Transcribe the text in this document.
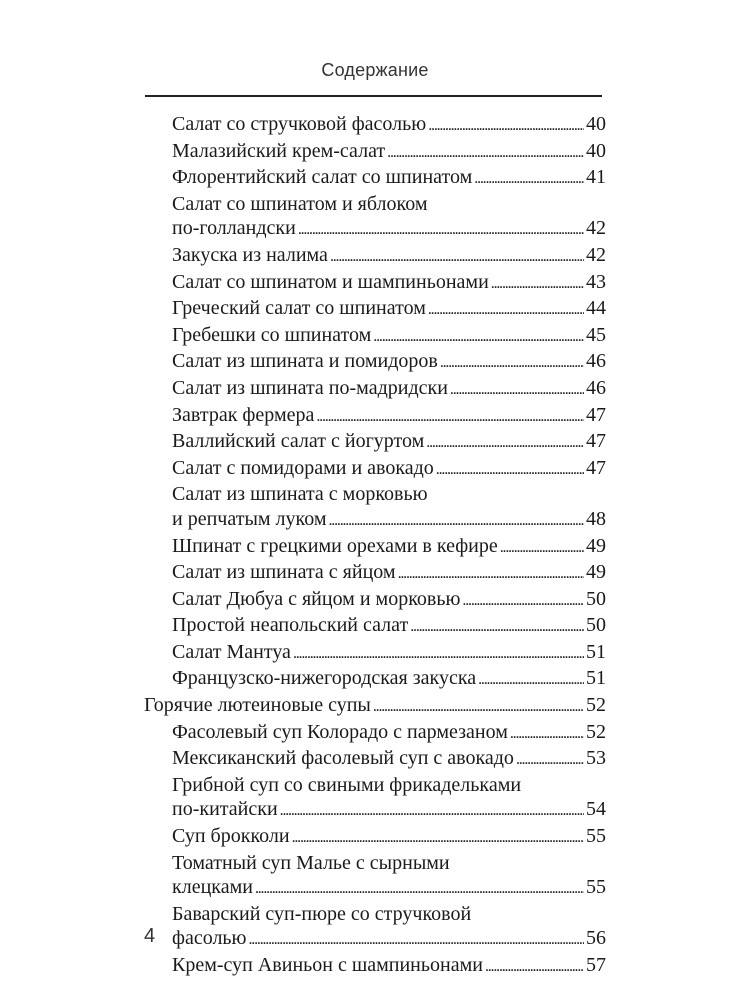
Содержание
Салат со стручковой фасолью . . .	40
Малазийский крем-салат . . .	40
Флорентийский салат со шпинатом . . .	41
Салат со шпинатом и яблоком
по-голландски . . .	42
Закуска из налима . . .	42
Салат со шпинатом и шампиньонами . . .	43
Греческий салат со шпинатом . . .	44
Гребешки со шпинатом . . .	45
Салат из шпината и помидоров . . .	46
Салат из шпината по-мадридски . . .	46
Завтрак фермера . . .	47
Валлийский салат с йогуртом . . .	47
Салат с помидорами и авокадо . . .	47
Салат из шпината с морковью
и репчатым луком . . .	48
Шпинат с грецкими орехами в кефире . . .	49
Салат из шпината с яйцом . . .	49
Салат Дюбуа с яйцом и морковью . . .	50
Простой неапольский салат . . .	50
Салат Мантуа . . .	51
Французско-нижегородская закуска . . .	51
Горячие лютеиновые супы . . .	52
Фасолевый суп Колорадо с пармезаном . . .	52
Мексиканский фасолевый суп с авокадо . . .	53
Грибной суп со свиными фрикадельками
по-китайски . . .	54
Суп брокколи . . .	55
Томатный суп Малье с сырными
клецками . . .	55
Баварский суп-пюре со стручковой
фасолью . . .	56
Крем-суп Авиньон с шампиньонами . . .	57
4
